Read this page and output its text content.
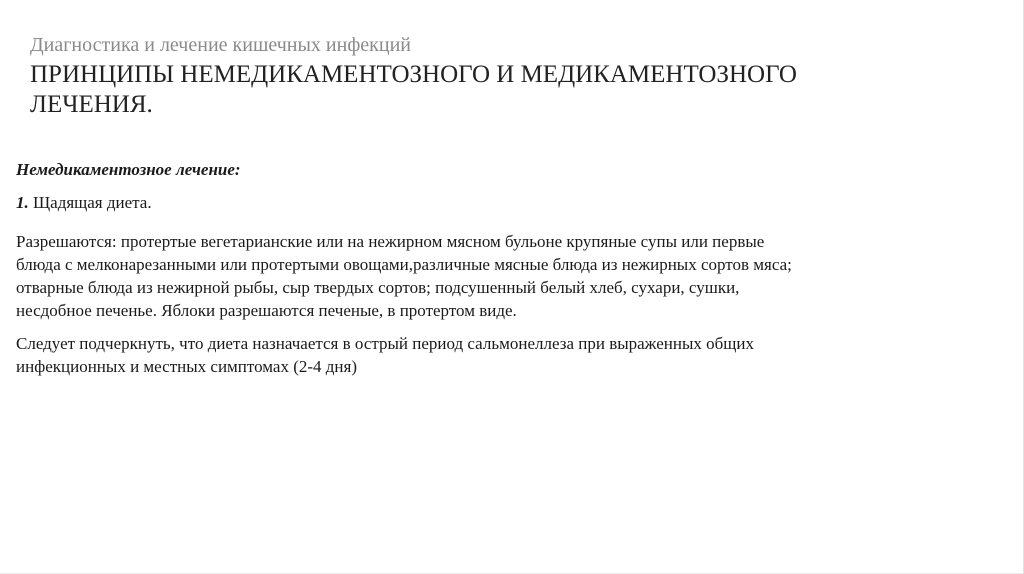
Диагностика и лечение кишечных инфекций
ПРИНЦИПЫ НЕМЕДИКАМЕНТОЗНОГО И МЕДИКАМЕНТОЗНОГО
ЛЕЧЕНИЯ.

Немедикаментозное лечение:

1. Щадящая диета.

Разрешаются: протертые вегетарианские или на нежирном мясном бульоне крупяные супы или первые
блюда с мелконарезанными или протертыми овощами,различные мясные блюда из нежирных сортов мяса;
отварные блюда из нежирной рыбы, сыр твердых сортов; подсушенный белый хлеб, сухари, сушки,
несдобное печенье. Яблоки разрешаются печеные, в протертом виде.

Следует подчеркнуть, что диета назначается в острый период сальмонеллеза при выраженных общих
инфекционных и местных симптомах (2-4 дня)
